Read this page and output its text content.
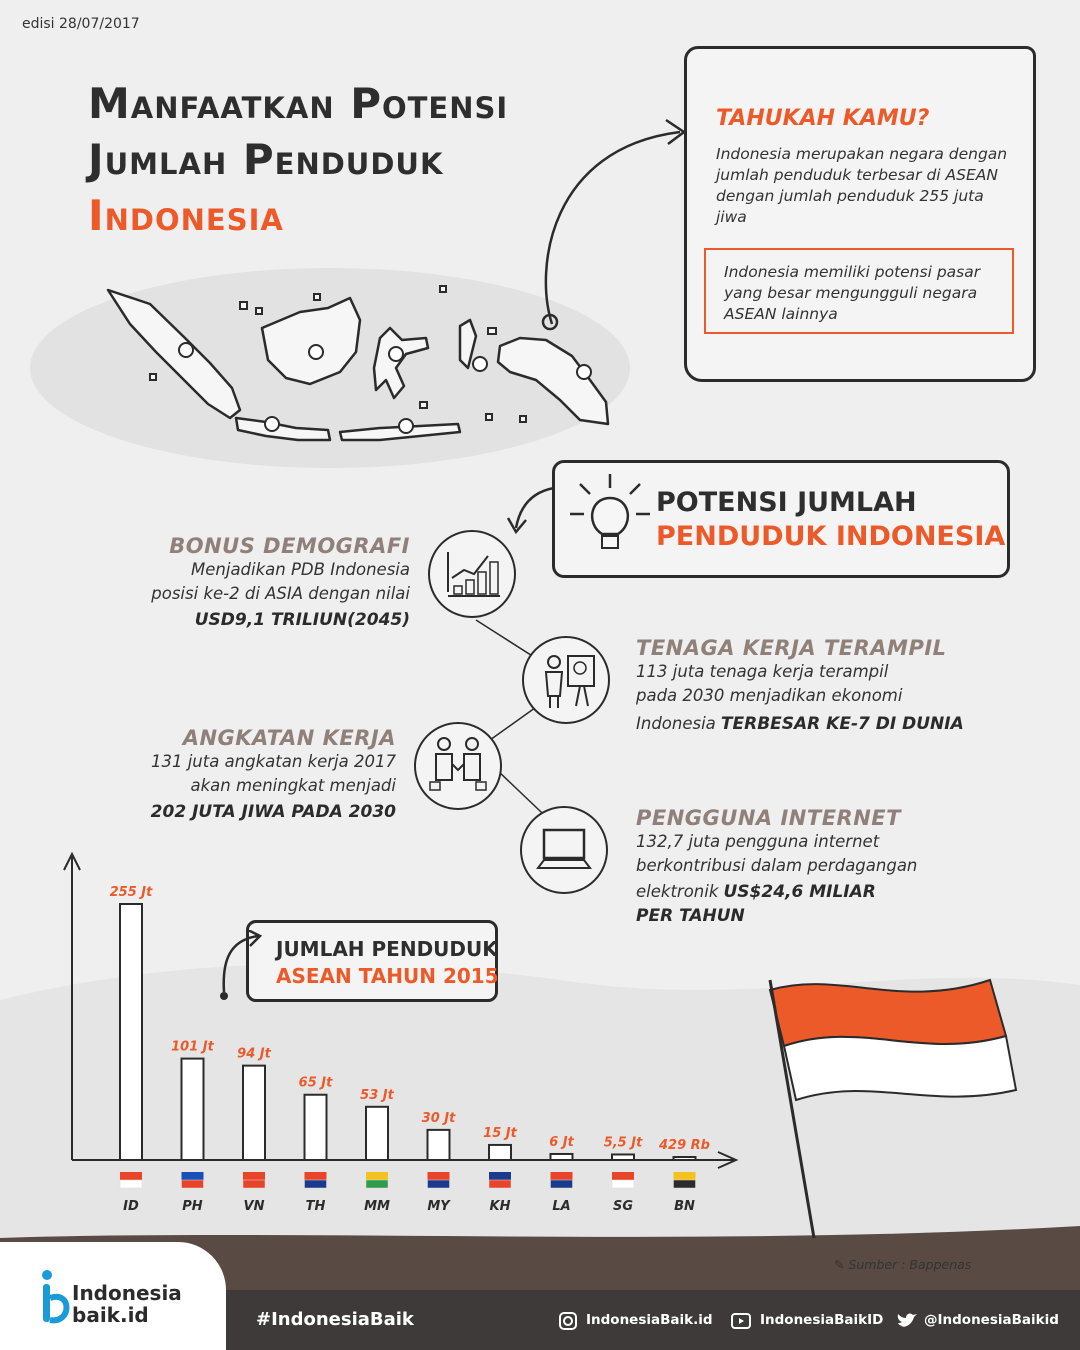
edisi 28/07/2017
Manfaatkan Potensi
Jumlah Penduduk
Indonesia
TAHUKAH KAMU?
Indonesia merupakan negara dengan jumlah penduduk terbesar di ASEAN dengan jumlah penduduk 255 juta jiwa
Indonesia memiliki potensi pasar yang besar mengungguli negara ASEAN lainnya
POTENSI JUMLAH
PENDUDUK INDONESIA
BONUS DEMOGRAFI
Menjadikan PDB Indonesia
posisi ke-2 di ASIA dengan nilai
USD9,1 TRILIUN(2045)
TENAGA KERJA TERAMPIL
113 juta tenaga kerja terampil
pada 2030 menjadikan ekonomi
Indonesia TERBESAR KE-7 DI DUNIA
ANGKATAN KERJA
131 juta angkatan kerja 2017
akan meningkat menjadi
202 JUTA JIWA PADA 2030	PENGGUNA INTERNET
132,7 juta pengguna internet
berkontribusi dalam perdagangan
elektronik US$24,6 MILIAR
PER TAHUN
255 Jt
ID
101 Jt
PH
94 Jt
VN
65 Jt
TH
53 Jt
MM
30 Jt
MY
15 Jt
KH
6 Jt
LA
5,5 Jt
SG
429 Rb
BN
JUMLAH PENDUDUK
ASEAN TAHUN 2015
✎ Sumber : Bappenas
Indonesia
baik.id	#IndonesiaBaik	IndonesiaBaik.id	IndonesiaBaikID	@IndonesiaBaikid
